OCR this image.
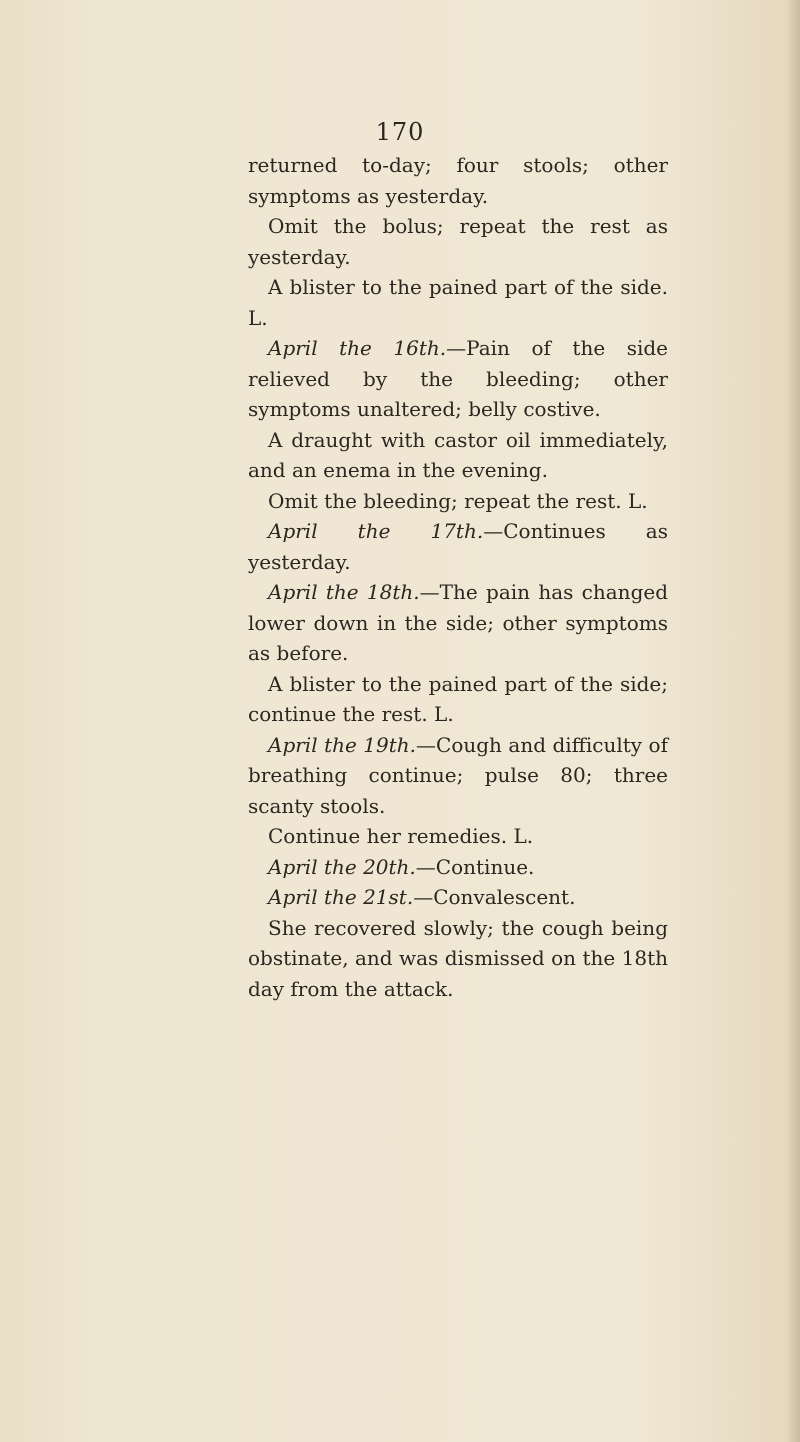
170

returned to-day; four stools; other symptoms as yesterday.

Omit the bolus; repeat the rest as yesterday.

A blister to the pained part of the side. L.

April the 16th.—Pain of the side relieved by the bleeding; other symptoms unaltered; belly costive.

A draught with castor oil immediately, and an enema in the evening.

Omit the bleeding; repeat the rest. L.

April the 17th.—Continues as yesterday.

April the 18th.—The pain has changed lower down in the side; other symptoms as before.

A blister to the pained part of the side; continue the rest. L.

April the 19th.—Cough and difficulty of breathing continue; pulse 80; three scanty stools.

Continue her remedies. L.

April the 20th.—Continue.

April the 21st.—Convalescent.

She recovered slowly; the cough being obstinate, and was dismissed on the 18th day from the attack.
